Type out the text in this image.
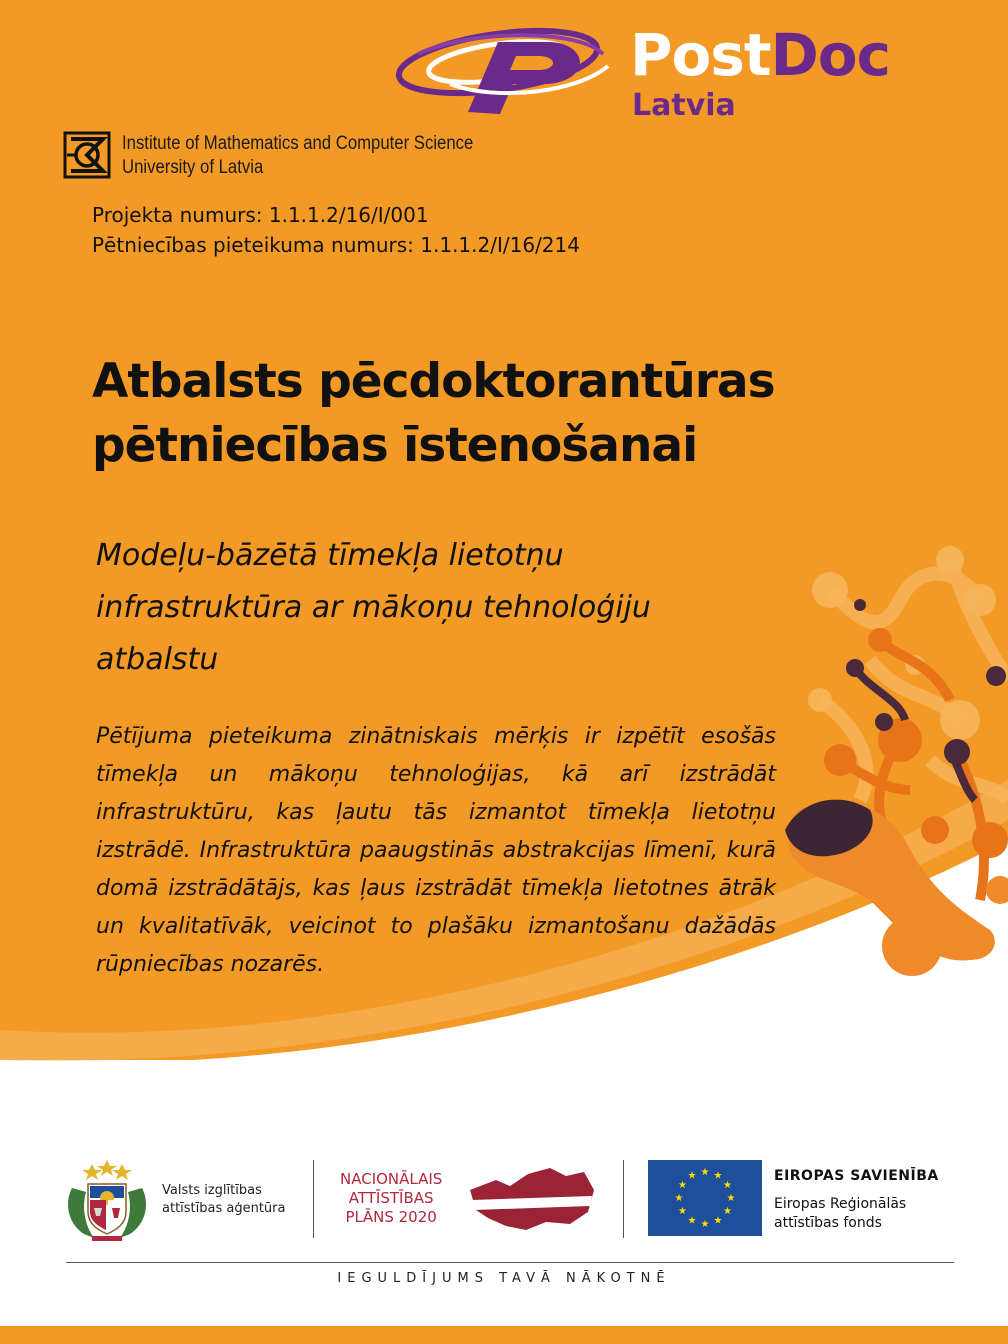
PostDoc
Latvia
Institute of Mathematics and Computer Science
University of Latvia
Projekta numurs: 1.1.1.2/16/I/001
Pētniecības pieteikuma numurs: 1.1.1.2/I/16/214
Atbalsts pēcdoktorantūras
pētniecības īstenošanai
Modeļu-bāzētā tīmekļa lietotņu
infrastruktūra ar mākoņu tehnoloģiju
atbalstu

Pētījuma pieteikuma zinātniskais mērķis ir izpētīt esošās tīmekļa un mākoņu tehnoloģijas, kā arī izstrādāt infrastruktūru, kas ļautu tās izmantot tīmekļa lietotņu izstrādē. Infrastruktūra paaugstinās abstrakcijas līmenī, kurā domā izstrādātājs, kas ļaus izstrādāt tīmekļa lietotnes ātrāk un kvalitatīvāk, veicinot to plašāku izmantošanu dažādās rūpniecības nozarēs.

Valsts izglītības
attīstības aģentūra
NACIONĀLAIS
ATTĪSTĪBAS
PLĀNS 2020
★ ★
★
★
★
★
★
★
★
★
★
★	EIROPAS SAVIENĪBA
Eiropas Reģionālās
attīstības fonds
IEGULDĪJUMS TAVĀ NĀKOTNĒ
